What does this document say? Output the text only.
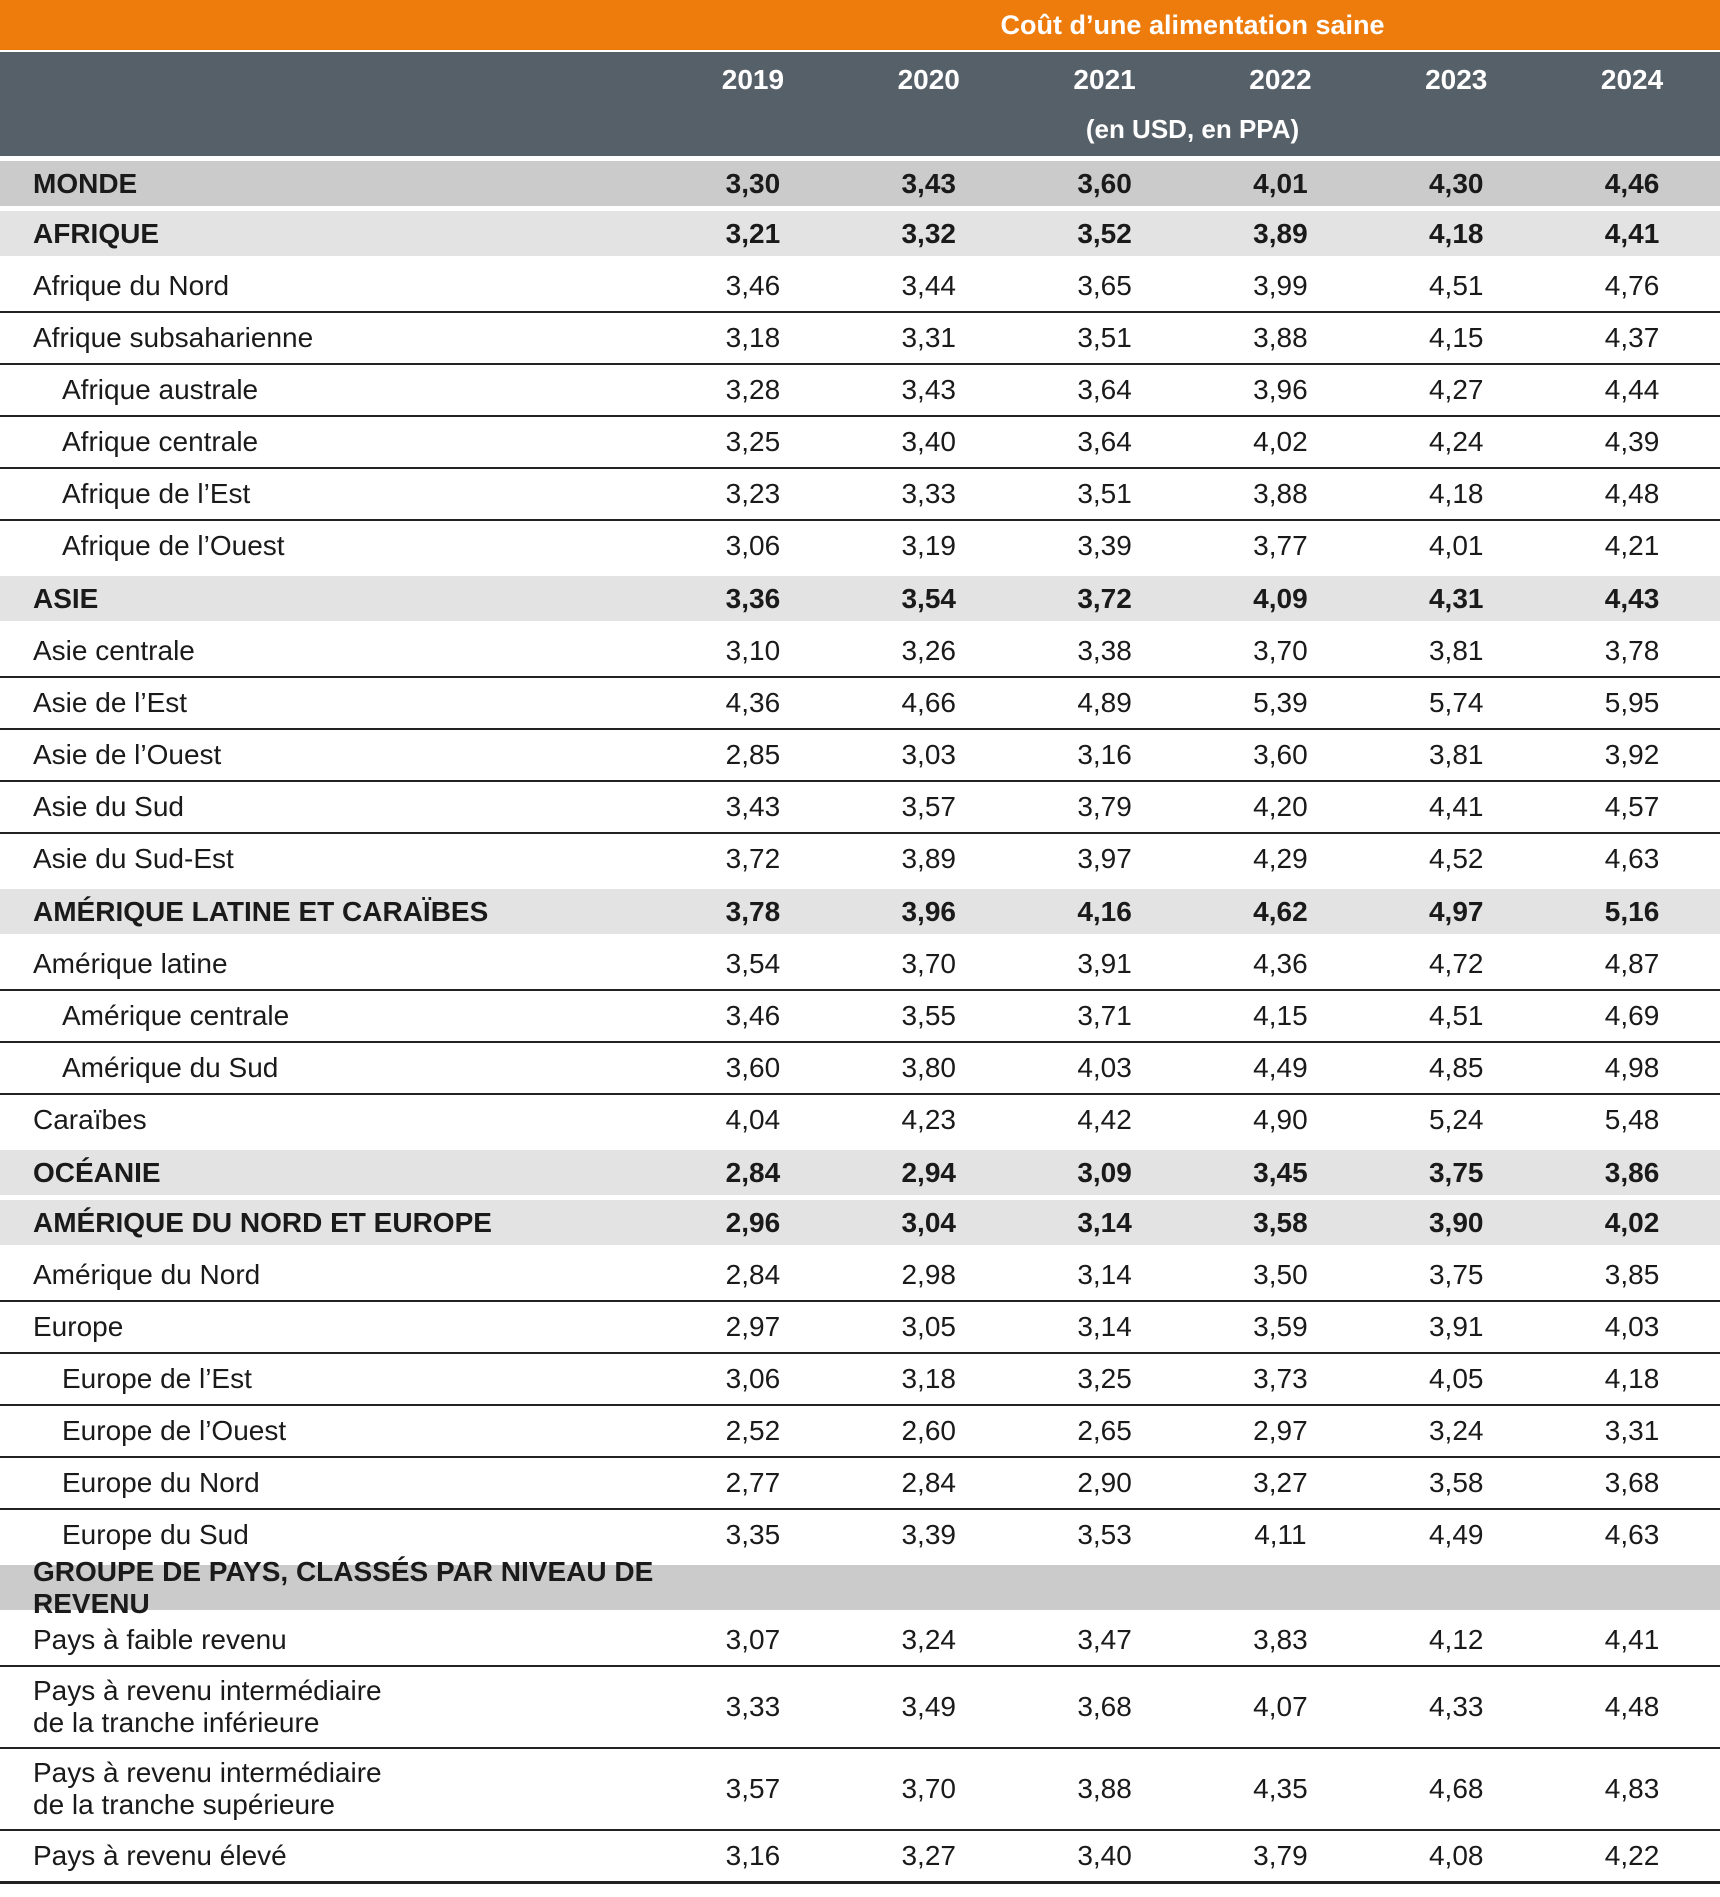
Coût d’une alimentation saine
2019	2020	2021	2022	2023	2024
(en USD, en PPA)
MONDE	3,30	3,43	3,60	4,01	4,30	4,46
AFRIQUE	3,21	3,32	3,52	3,89	4,18	4,41
Afrique du Nord	3,46	3,44	3,65	3,99	4,51	4,76
Afrique subsaharienne	3,18	3,31	3,51	3,88	4,15	4,37
Afrique australe	3,28	3,43	3,64	3,96	4,27	4,44
Afrique centrale	3,25	3,40	3,64	4,02	4,24	4,39
Afrique de l’Est	3,23	3,33	3,51	3,88	4,18	4,48
Afrique de l’Ouest	3,06	3,19	3,39	3,77	4,01	4,21
ASIE	3,36	3,54	3,72	4,09	4,31	4,43
Asie centrale	3,10	3,26	3,38	3,70	3,81	3,78
Asie de l’Est	4,36	4,66	4,89	5,39	5,74	5,95
Asie de l’Ouest	2,85	3,03	3,16	3,60	3,81	3,92
Asie du Sud	3,43	3,57	3,79	4,20	4,41	4,57
Asie du Sud-Est	3,72	3,89	3,97	4,29	4,52	4,63
AMÉRIQUE LATINE ET CARAÏBES	3,78	3,96	4,16	4,62	4,97	5,16
Amérique latine	3,54	3,70	3,91	4,36	4,72	4,87
Amérique centrale	3,46	3,55	3,71	4,15	4,51	4,69
Amérique du Sud	3,60	3,80	4,03	4,49	4,85	4,98
Caraïbes	4,04	4,23	4,42	4,90	5,24	5,48
OCÉANIE	2,84	2,94	3,09	3,45	3,75	3,86
AMÉRIQUE DU NORD ET EUROPE	2,96	3,04	3,14	3,58	3,90	4,02
Amérique du Nord	2,84	2,98	3,14	3,50	3,75	3,85
Europe	2,97	3,05	3,14	3,59	3,91	4,03
Europe de l’Est	3,06	3,18	3,25	3,73	4,05	4,18
Europe de l’Ouest	2,52	2,60	2,65	2,97	3,24	3,31
Europe du Nord	2,77	2,84	2,90	3,27	3,58	3,68
Europe du Sud	3,35	3,39	3,53	4,11	4,49	4,63
GROUPE DE PAYS, CLASSÉS PAR NIVEAU DE REVENU
Pays à faible revenu	3,07	3,24	3,47	3,83	4,12	4,41
Pays à revenu intermédiaire
de la tranche inférieure
3,33	3,49	3,68	4,07	4,33	4,48
Pays à revenu intermédiaire
de la tranche supérieure
3,57	3,70	3,88	4,35	4,68	4,83
Pays à revenu élevé	3,16	3,27	3,40	3,79	4,08	4,22
